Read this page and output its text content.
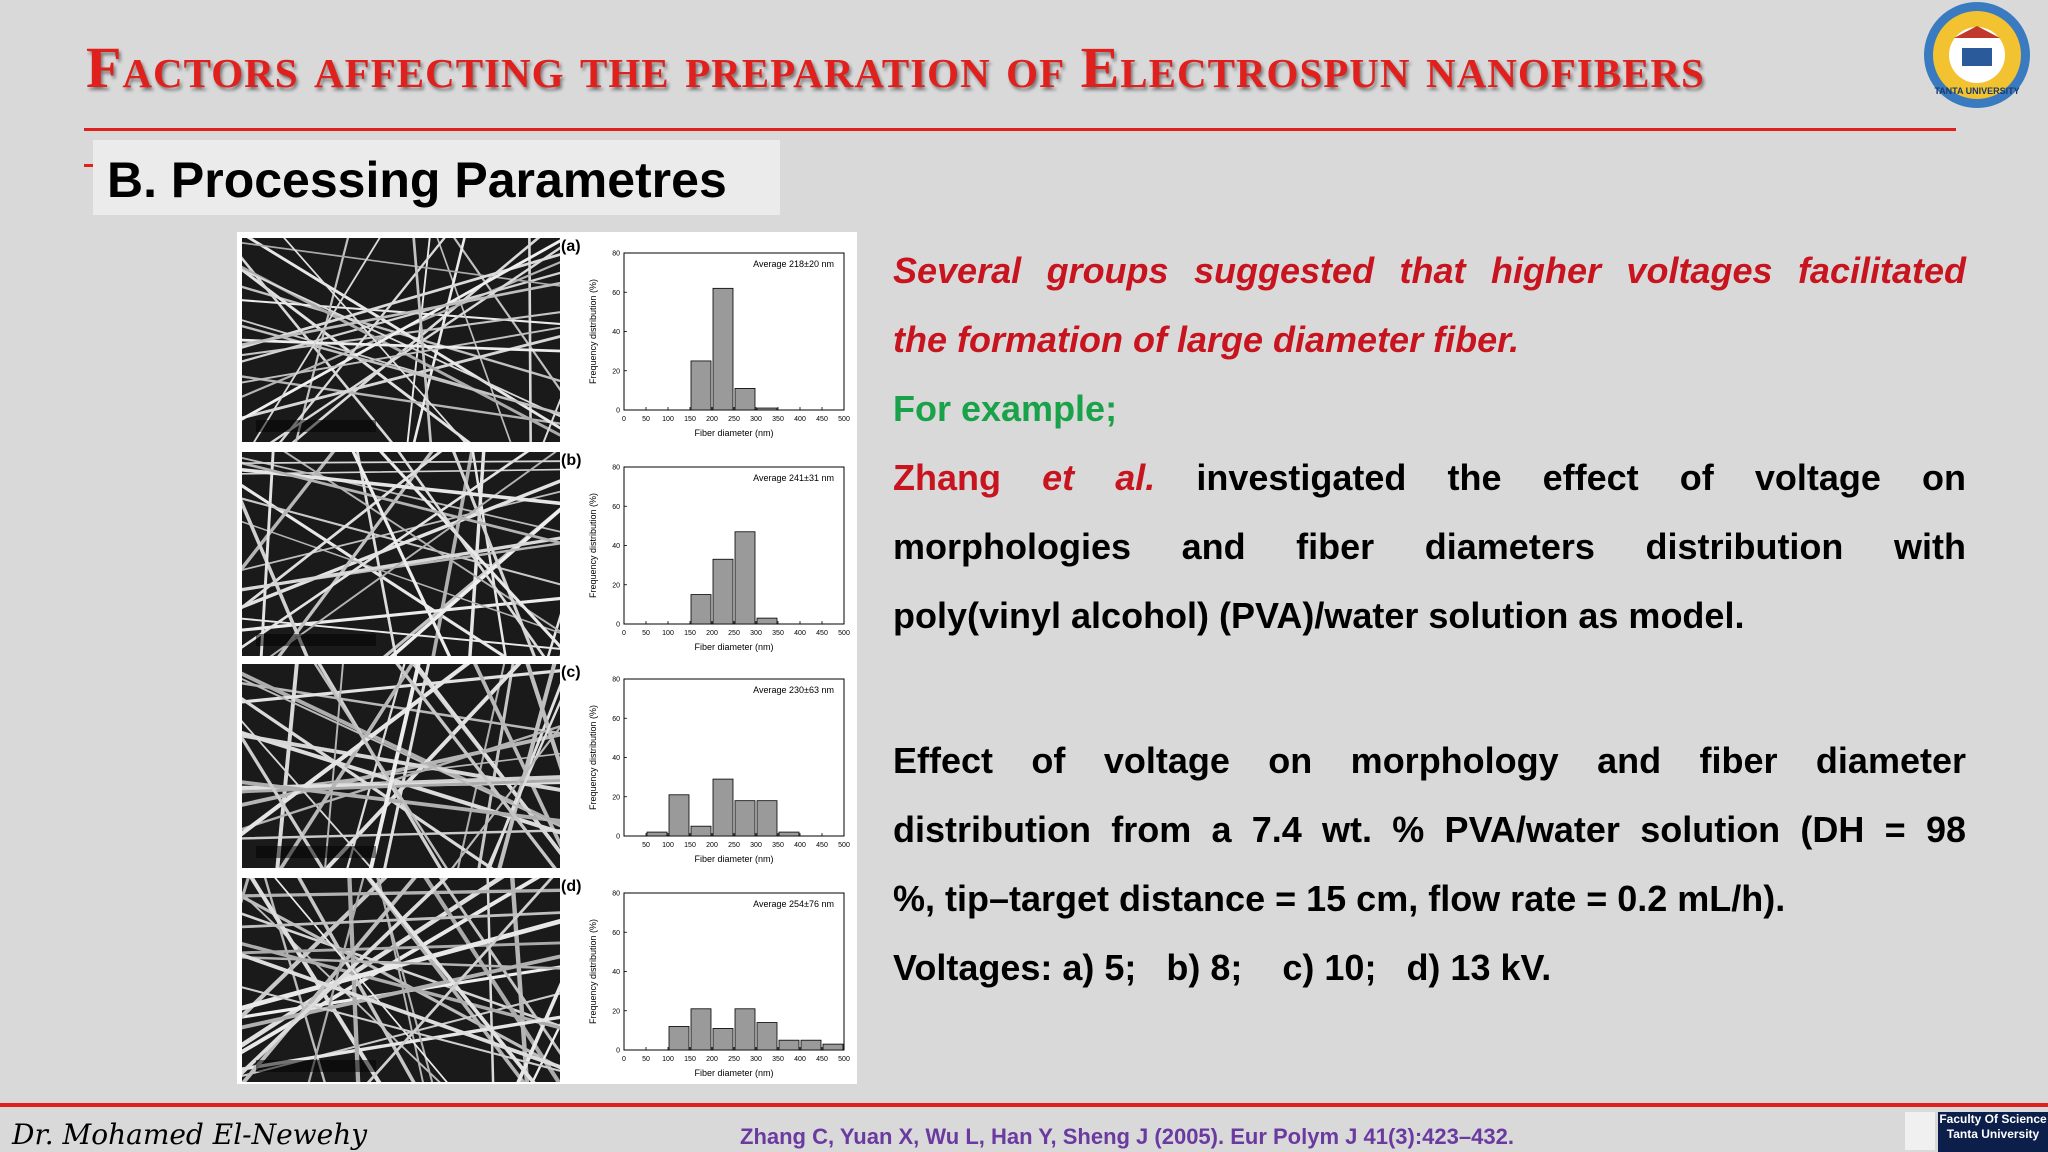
Factors affecting the preparation of Electrospun nanofibers	TANTA UNIVERSITY
B. Processing Parametres
(a)
(b)
(c)
(d)
0 50 100 150 200 250 300 350 400 450 500
0
20
40
60
80
Fiber diameter (nm)
Frequency distribution (%)
Average 218±20 nm
0 50 100 150 200 250 300 350 400 450 500
0
20
40
60
80
Fiber diameter (nm)
Frequency distribution (%)
Average 241±31 nm
50 100 150 200 250 300 350 400 450 500
0
20
40
60
80
Fiber diameter (nm)
Frequency distribution (%)
Average 230±63 nm
0 50 100 150 200 250 300 350 400 450 500
0
20
40
60
80
Fiber diameter (nm)
Frequency distribution (%)
Average 254±76 nm
Several groups suggested that higher voltages facilitated
the formation of large diameter fiber.
For example;
Zhang et al. investigated the effect of voltage on
morphologies and fiber diameters distribution with
poly(vinyl alcohol) (PVA)/water solution as model.
Effect of voltage on morphology and fiber diameter
distribution from a 7.4 wt. % PVA/water solution (DH = 98
%, tip–target distance = 15 cm, flow rate = 0.2 mL/h).
Voltages: a) 5;   b) 8;    c) 10;   d) 13 kV.
Dr. Mohamed El-Newehy	Zhang C, Yuan X, Wu L, Han Y, Sheng J (2005). Eur Polym J 41(3):423–432.
Faculty Of Science
Tanta University
